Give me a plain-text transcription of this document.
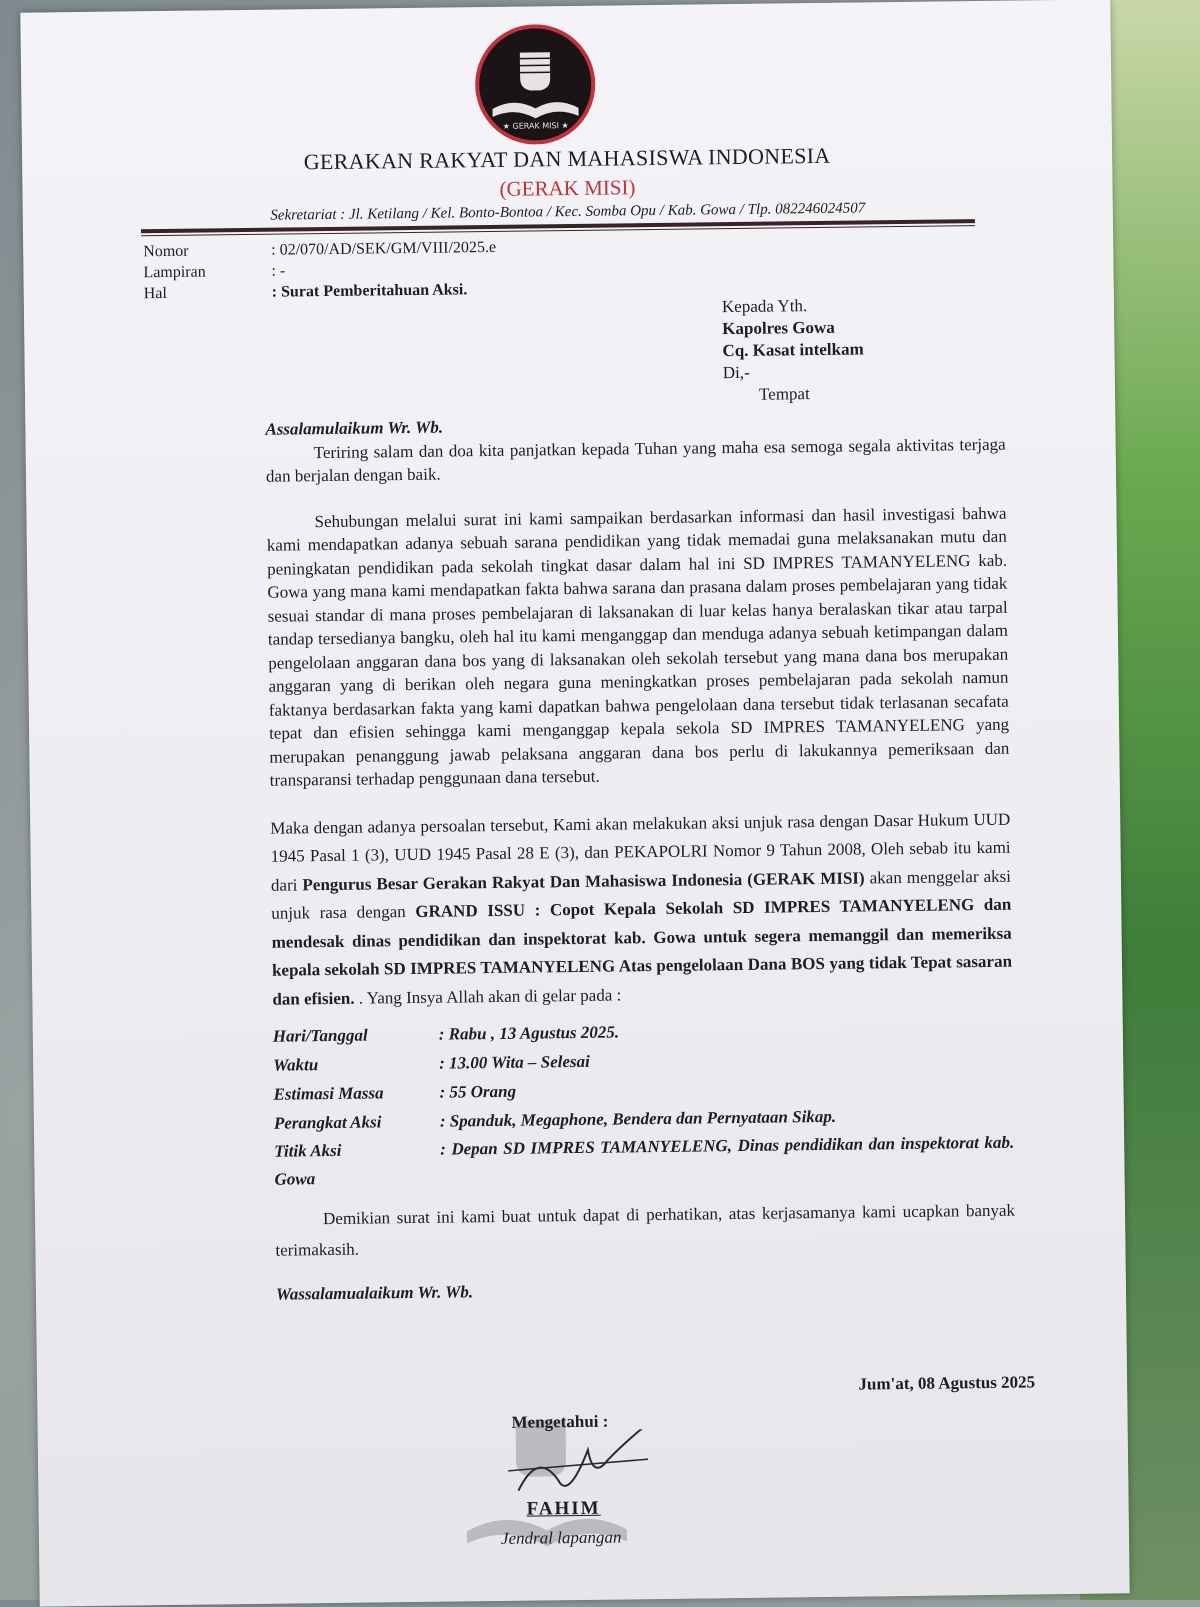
★ GERAK MISI ★
GERAKAN RAKYAT DAN MAHASISWA INDONESIA
(GERAK MISI)
Sekretariat : Jl. Ketilang / Kel. Bonto-Bontoa / Kec. Somba Opu / Kab. Gowa / Tlp. 082246024507
Nomor	: 02/070/AD/SEK/GM/VIII/2025.e
Lampiran	: -
Hal	: Surat Pemberitahuan Aksi.
Kepada Yth.
Kapolres Gowa
Cq. Kasat intelkam
Di,-
Tempat
Assalamulaikum Wr. Wb.

Teriring salam dan doa kita panjatkan kepada Tuhan yang maha esa semoga segala aktivitas terjaga dan berjalan dengan baik.

Sehubungan melalui surat ini kami sampaikan berdasarkan informasi dan hasil investigasi bahwa kami mendapatkan adanya sebuah sarana pendidikan yang tidak memadai guna melaksanakan mutu dan peningkatan pendidikan pada sekolah tingkat dasar dalam hal ini SD IMPRES TAMANYELENG kab. Gowa yang mana kami mendapatkan fakta bahwa sarana dan prasana dalam proses pembelajaran yang tidak sesuai standar di mana proses pembelajaran di laksanakan di luar kelas hanya beralaskan tikar atau tarpal tandap tersedianya bangku, oleh hal itu kami menganggap dan menduga adanya sebuah ketimpangan dalam pengelolaan anggaran dana bos yang di laksanakan oleh sekolah tersebut yang mana dana bos merupakan anggaran yang di berikan oleh negara guna meningkatkan proses pembelajaran pada sekolah namun faktanya berdasarkan fakta yang kami dapatkan bahwa pengelolaan dana tersebut tidak terlasanan secafata tepat dan efisien sehingga kami menganggap kepala sekola SD IMPRES TAMANYELENG yang merupakan penanggung jawab pelaksana anggaran dana bos perlu di lakukannya pemeriksaan dan transparansi terhadap penggunaan dana tersebut.

Maka dengan adanya persoalan tersebut, Kami akan melakukan aksi unjuk rasa dengan Dasar Hukum UUD 1945 Pasal 1 (3), UUD 1945 Pasal 28 E (3), dan PEKAPOLRI Nomor 9 Tahun 2008, Oleh sebab itu kami dari Pengurus Besar Gerakan Rakyat Dan Mahasiswa Indonesia (GERAK MISI) akan menggelar aksi unjuk rasa dengan GRAND ISSU : Copot Kepala Sekolah SD IMPRES TAMANYELENG dan mendesak dinas pendidikan dan inspektorat kab. Gowa untuk segera memanggil dan memeriksa kepala sekolah SD IMPRES TAMANYELENG Atas pengelolaan Dana BOS yang tidak Tepat sasaran dan efisien. . Yang Insya Allah akan di gelar pada :

Hari/Tanggal	: Rabu , 13 Agustus 2025.
Waktu	: 13.00 Wita – Selesai
Estimasi Massa	: 55 Orang
Perangkat Aksi	: Spanduk, Megaphone, Bendera dan Pernyataan Sikap.
Titik Aksi	: Depan SD IMPRES TAMANYELENG, Dinas pendidikan dan inspektorat kab. Gowa

Demikian surat ini kami buat untuk dapat di perhatikan, atas kerjasamanya kami ucapkan banyak terimakasih.

Wassalamualaikum Wr. Wb.
Jum'at, 08 Agustus 2025
Mengetahui :
FAHIM
Jendral lapangan
